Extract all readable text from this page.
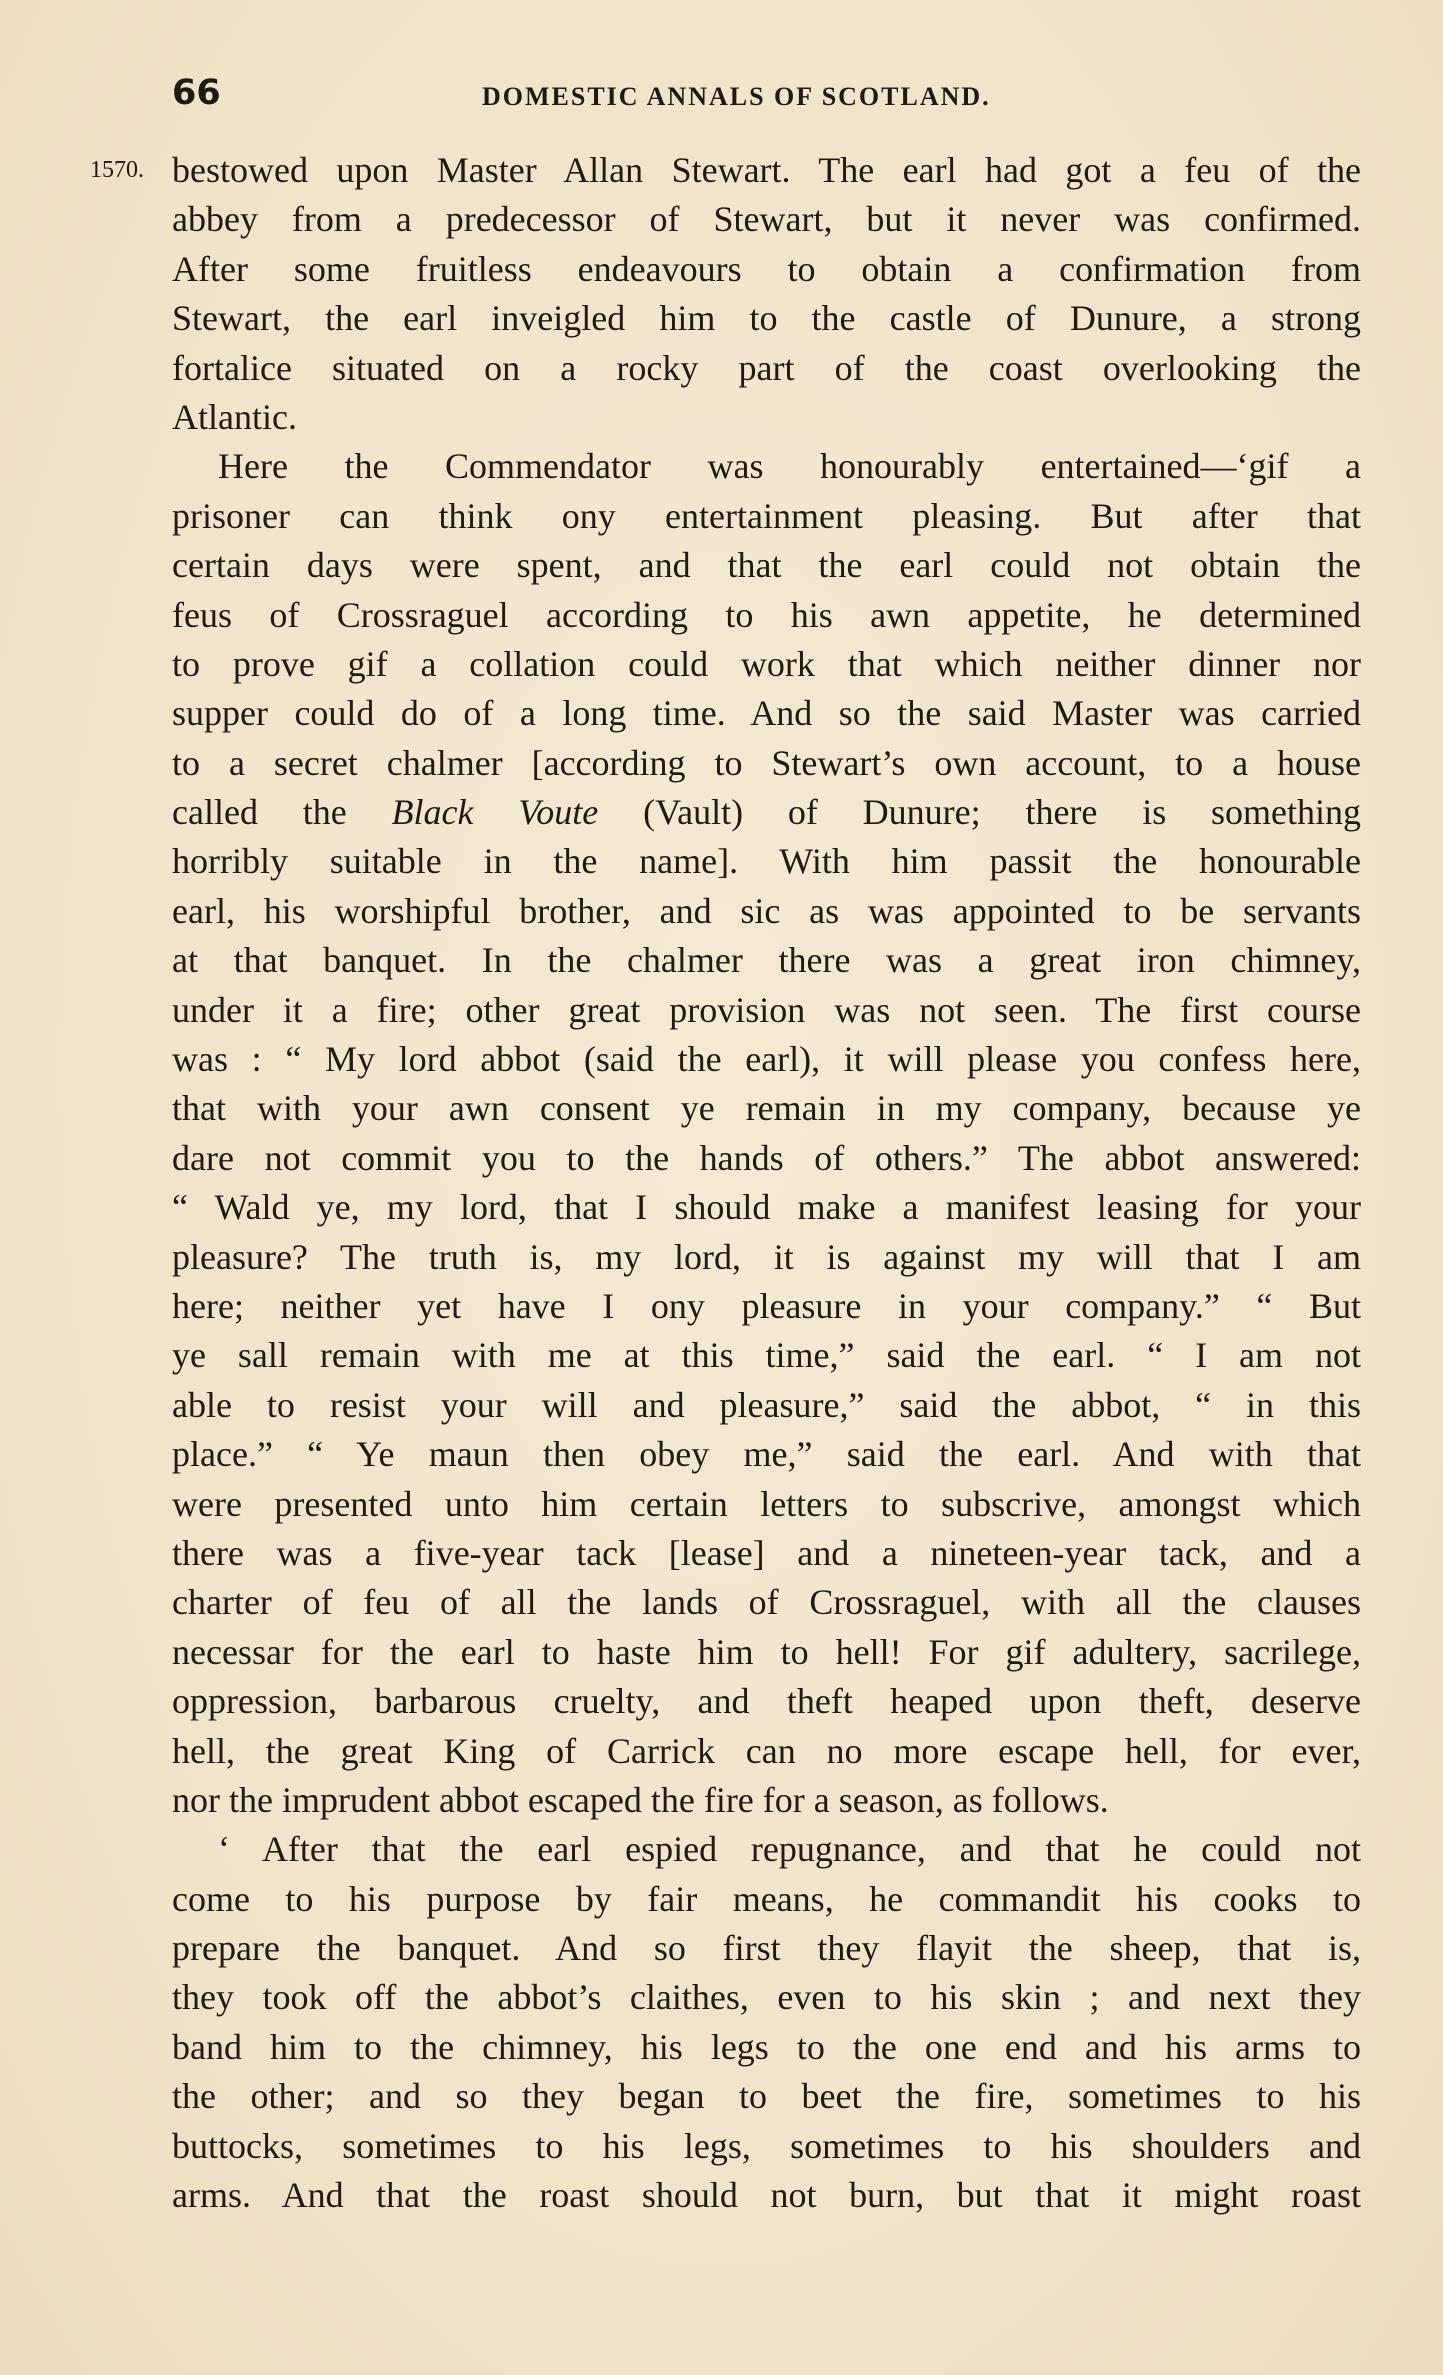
66	DOMESTIC ANNALS OF SCOTLAND.
1570. bestowed upon Master Allan Stewart. The earl had got a feu of the
abbey from a predecessor of Stewart, but it never was confirmed.
After some fruitless endeavours to obtain a confirmation from
Stewart, the earl inveigled him to the castle of Dunure, a strong
fortalice situated on a rocky part of the coast overlooking the
Atlantic.
Here the Commendator was honourably entertained—‘gif a
prisoner can think ony entertainment pleasing. But after that
certain days were spent, and that the earl could not obtain the
feus of Crossraguel according to his awn appetite, he determined
to prove gif a collation could work that which neither dinner nor
supper could do of a long time. And so the said Master was carried
to a secret chalmer [according to Stewart’s own account, to a house
called the Black Voute (Vault) of Dunure; there is something
horribly suitable in the name]. With him passit the honourable
earl, his worshipful brother, and sic as was appointed to be servants
at that banquet. In the chalmer there was a great iron chimney,
under it a fire; other great provision was not seen. The first course
was : “ My lord abbot (said the earl), it will please you confess here,
that with your awn consent ye remain in my company, because ye
dare not commit you to the hands of others.” The abbot answered:
“ Wald ye, my lord, that I should make a manifest leasing for your
pleasure? The truth is, my lord, it is against my will that I am
here; neither yet have I ony pleasure in your company.” “ But
ye sall remain with me at this time,” said the earl. “ I am not
able to resist your will and pleasure,” said the abbot, “ in this
place.” “ Ye maun then obey me,” said the earl. And with that
were presented unto him certain letters to subscrive, amongst which
there was a five-year tack [lease] and a nineteen-year tack, and a
charter of feu of all the lands of Crossraguel, with all the clauses
necessar for the earl to haste him to hell! For gif adultery, sacrilege,
oppression, barbarous cruelty, and theft heaped upon theft, deserve
hell, the great King of Carrick can no more escape hell, for ever,
nor the imprudent abbot escaped the fire for a season, as follows.
‘ After that the earl espied repugnance, and that he could not
come to his purpose by fair means, he commandit his cooks to
prepare the banquet. And so first they flayit the sheep, that is,
they took off the abbot’s claithes, even to his skin ; and next they
band him to the chimney, his legs to the one end and his arms to
the other; and so they began to beet the fire, sometimes to his
buttocks, sometimes to his legs, sometimes to his shoulders and
arms. And that the roast should not burn, but that it might roast
